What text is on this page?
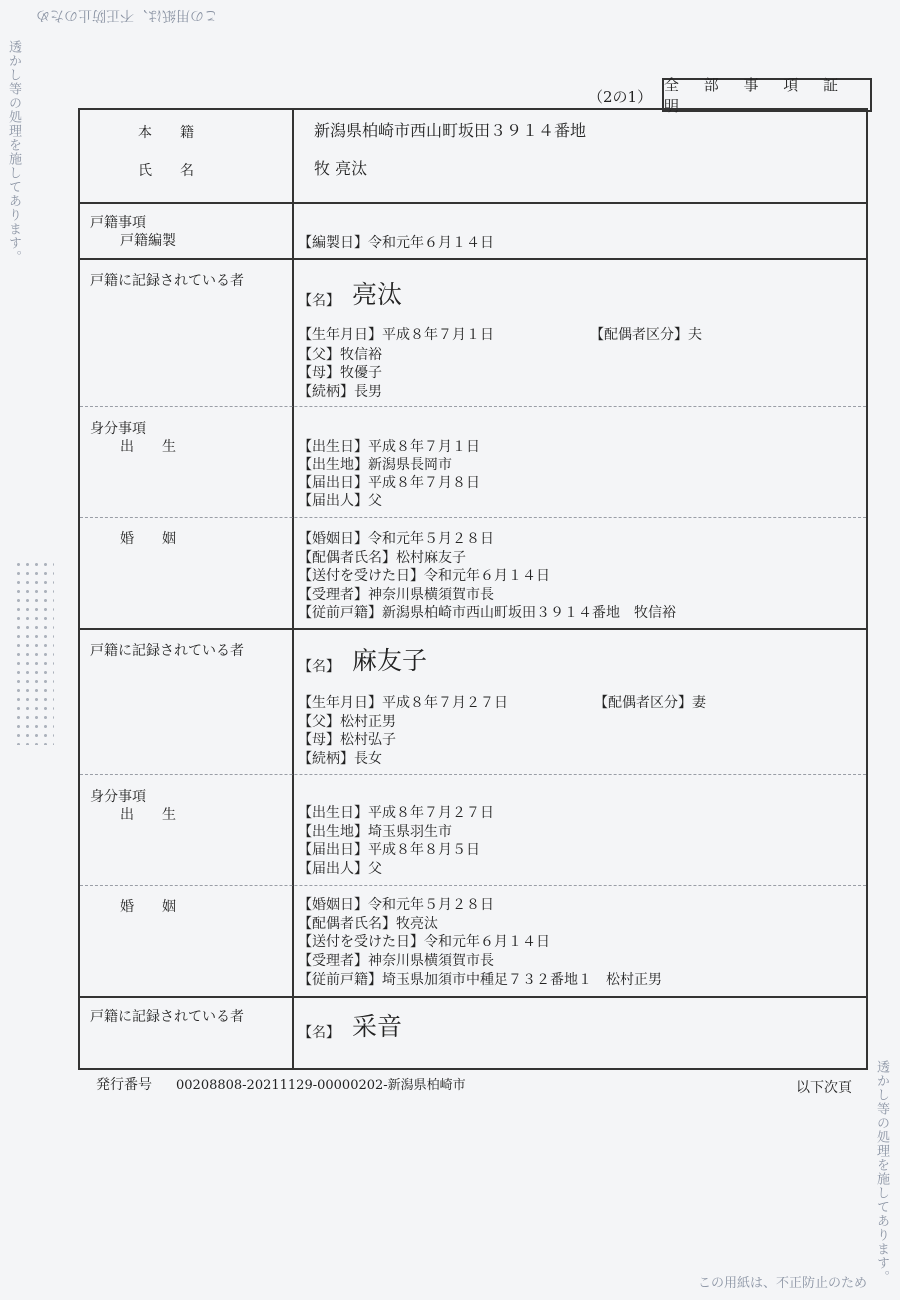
この用紙は、不正防止のため
透かし等の処理を施してあります。
透かし等の処理を施してあります。
この用紙は、不正防止のため
（2の1）
全 部 事 項 証 明
本　　籍	新潟県柏崎市西山町坂田３９１４番地
氏　　名	牧 亮汰
戸籍事項
戸籍編製	【編製日】令和元年６月１４日
戸籍に記録されている者
【名】 亮汰
【生年月日】平成８年７月１日	【配偶者区分】夫
【父】牧信裕
【母】牧優子
【続柄】長男
身分事項
出　　生	【出生日】平成８年７月１日
【出生地】新潟県長岡市
【届出日】平成８年７月８日
【届出人】父
婚　　姻	【婚姻日】令和元年５月２８日
【配偶者氏名】松村麻友子
【送付を受けた日】令和元年６月１４日
【受理者】神奈川県横須賀市長
【従前戸籍】新潟県柏崎市西山町坂田３９１４番地　牧信裕
戸籍に記録されている者
【名】 麻友子
【生年月日】平成８年７月２７日	【配偶者区分】妻
【父】松村正男
【母】松村弘子
【続柄】長女
身分事項
出　　生	【出生日】平成８年７月２７日
【出生地】埼玉県羽生市
【届出日】平成８年８月５日
【届出人】父
婚　　姻	【婚姻日】令和元年５月２８日
【配偶者氏名】牧亮汰
【送付を受けた日】令和元年６月１４日
【受理者】神奈川県横須賀市長
【従前戸籍】埼玉県加須市中種足７３２番地１　松村正男
戸籍に記録されている者
【名】 采音
発行番号 00208808-20211129-00000202-新潟県柏崎市	以下次頁
